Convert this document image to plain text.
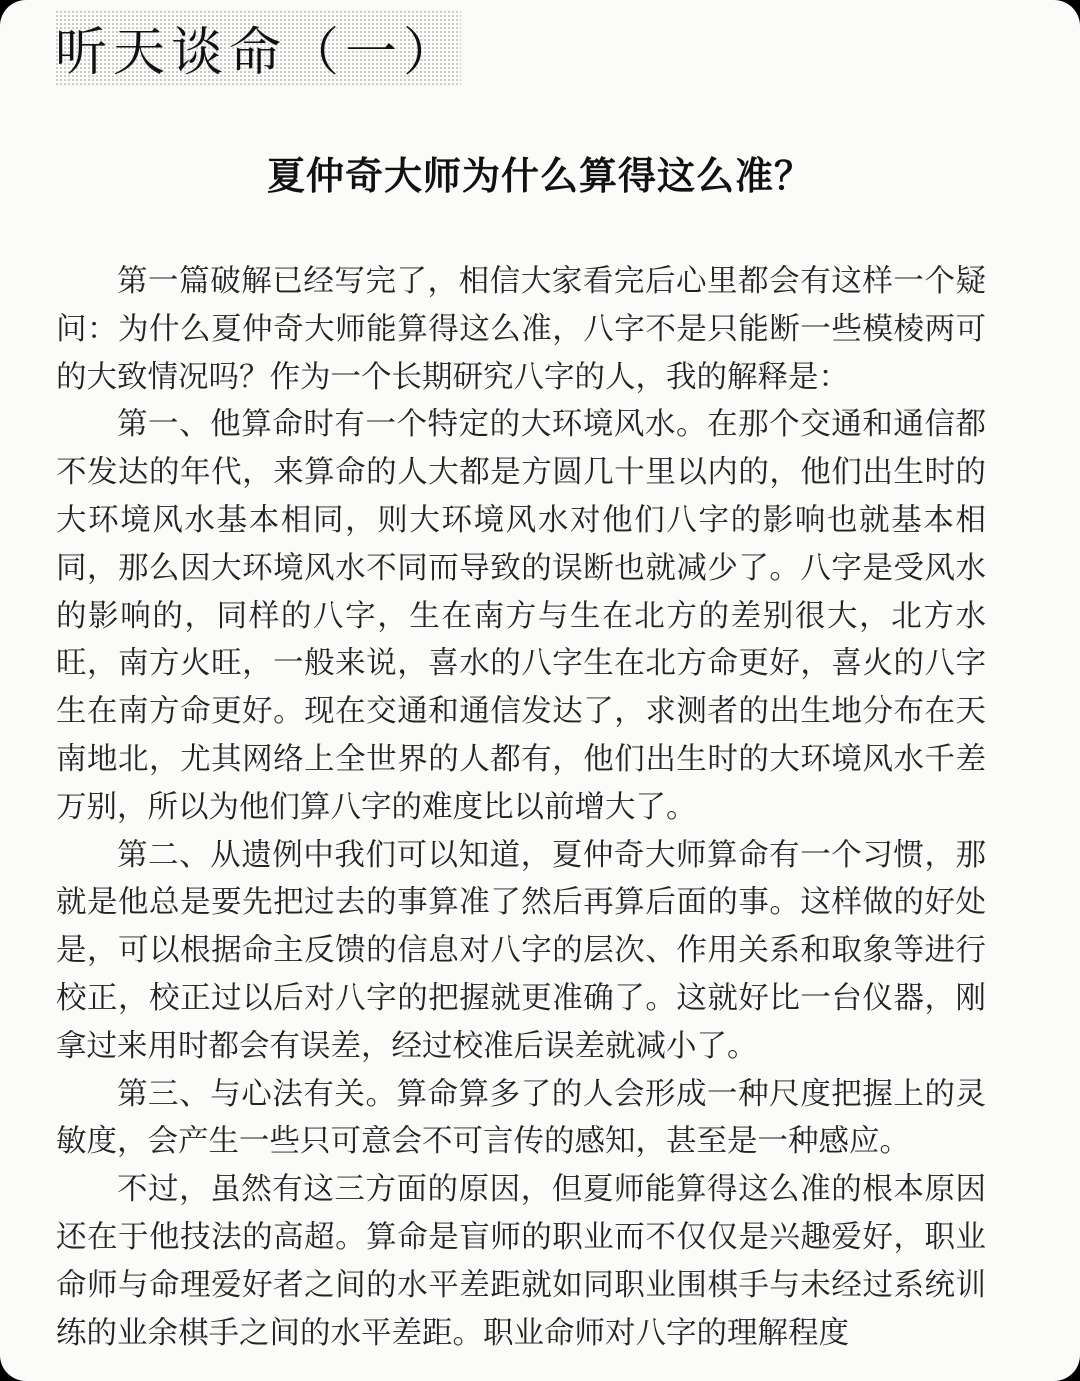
听天谈命（一）
夏仲奇大师为什么算得这么准？

第一篇破解已经写完了，相信大家看完后心里都会有这样一个疑问：为什么夏仲奇大师能算得这么准，八字不是只能断一些模棱两可的大致情况吗？作为一个长期研究八字的人，我的解释是：

第一、他算命时有一个特定的大环境风水。在那个交通和通信都不发达的年代，来算命的人大都是方圆几十里以内的，他们出生时的大环境风水基本相同，则大环境风水对他们八字的影响也就基本相同，那么因大环境风水不同而导致的误断也就减少了。八字是受风水的影响的，同样的八字，生在南方与生在北方的差别很大，北方水旺，南方火旺，一般来说，喜水的八字生在北方命更好，喜火的八字生在南方命更好。现在交通和通信发达了，求测者的出生地分布在天南地北，尤其网络上全世界的人都有，他们出生时的大环境风水千差万别，所以为他们算八字的难度比以前增大了。

第二、从遗例中我们可以知道，夏仲奇大师算命有一个习惯，那就是他总是要先把过去的事算准了然后再算后面的事。这样做的好处是，可以根据命主反馈的信息对八字的层次、作用关系和取象等进行校正，校正过以后对八字的把握就更准确了。这就好比一台仪器，刚拿过来用时都会有误差，经过校准后误差就减小了。

第三、与心法有关。算命算多了的人会形成一种尺度把握上的灵敏度，会产生一些只可意会不可言传的感知，甚至是一种感应。

不过，虽然有这三方面的原因，但夏师能算得这么准的根本原因还在于他技法的高超。算命是盲师的职业而不仅仅是兴趣爱好，职业命师与命理爱好者之间的水平差距就如同职业围棋手与未经过系统训练的业余棋手之间的水平差距。职业命师对八字的理解程度
